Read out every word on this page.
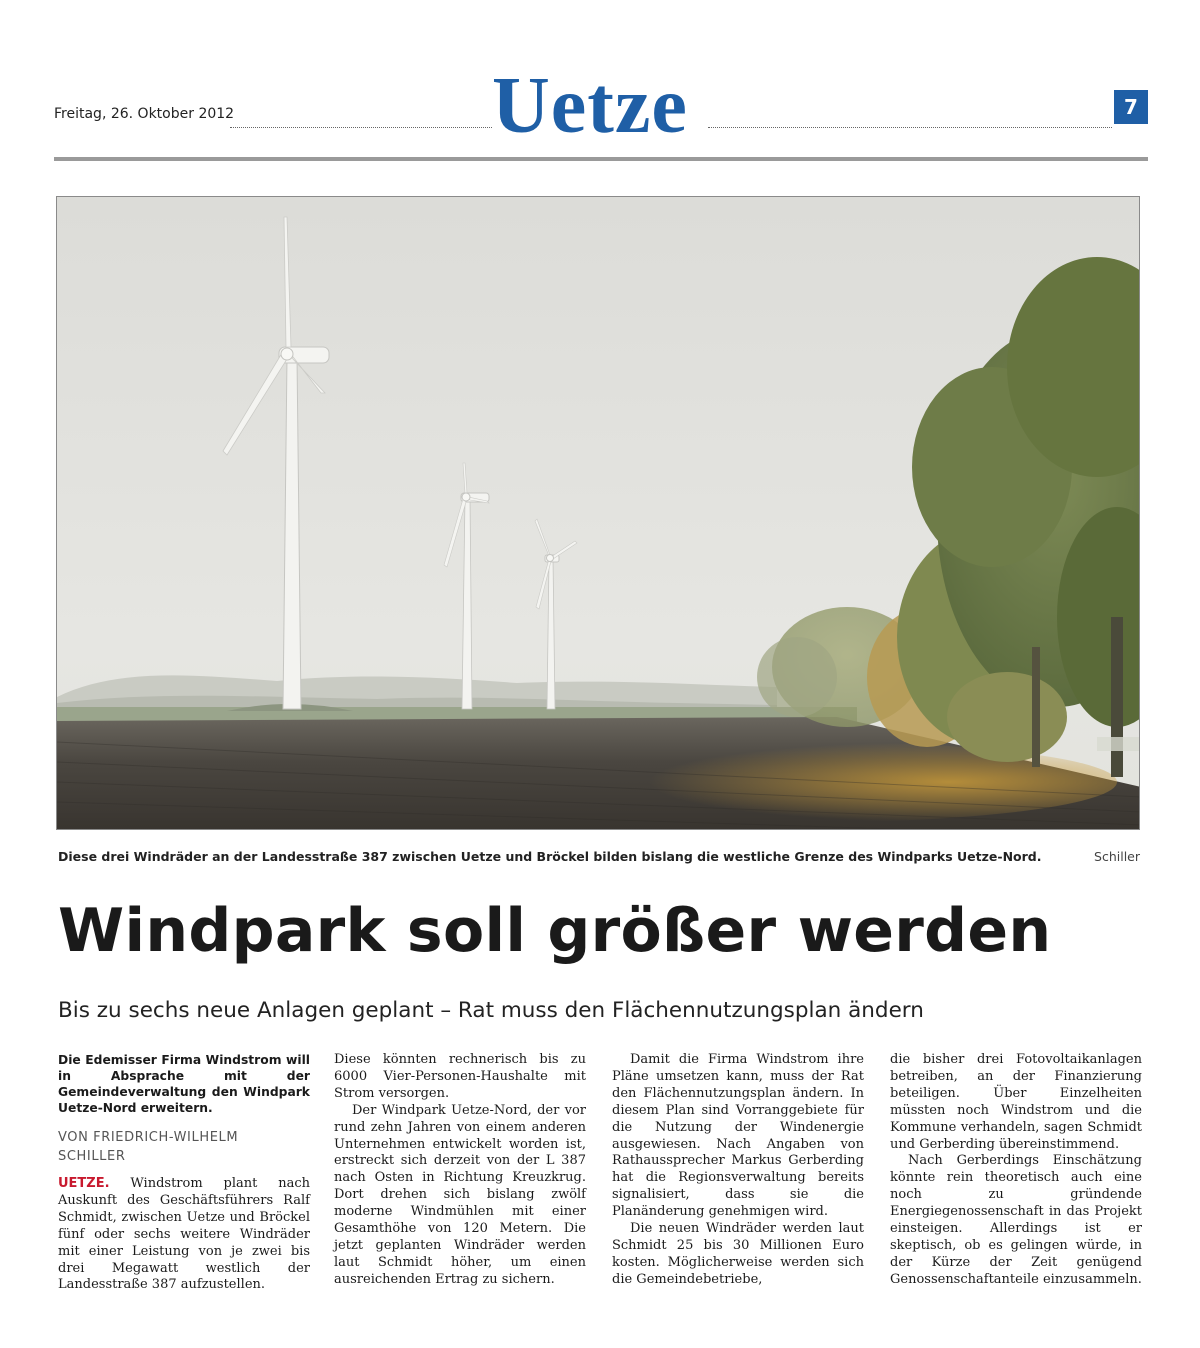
Freitag, 26. Oktober 2012	Uetze	7
Diese drei Windräder an der Landesstraße 387 zwischen Uetze und Bröckel bilden bislang die westliche Grenze des Windparks Uetze-Nord.	Schiller
Windpark soll größer werden
Bis zu sechs neue Anlagen geplant – Rat muss den Flächennutzungsplan ändern

Die Edemisser Firma Windstrom will in Absprache mit der Gemeindeverwaltung den Windpark Uetze-Nord erweitern.

VON FRIEDRICH-WILHELM SCHILLER

UETZE. Windstrom plant nach Auskunft des Geschäftsführers Ralf Schmidt, zwischen Uetze und Bröckel fünf oder sechs weitere Windräder mit einer Leistung von je zwei bis drei Megawatt westlich der Landesstraße 387 aufzustellen.

Diese könnten rechnerisch bis zu 6000 Vier-Personen-Haushalte mit Strom versorgen.

Der Windpark Uetze-Nord, der vor rund zehn Jahren von einem anderen Unternehmen entwickelt worden ist, erstreckt sich derzeit von der L 387 nach Osten in Richtung Kreuzkrug. Dort drehen sich bislang zwölf moderne Windmühlen mit einer Gesamthöhe von 120 Metern. Die jetzt geplanten Windräder werden laut Schmidt höher, um einen ausreichenden Ertrag zu sichern.

Damit die Firma Windstrom ihre Pläne umsetzen kann, muss der Rat den Flächennutzungsplan ändern. In diesem Plan sind Vorranggebiete für die Nutzung der Windenergie ausgewiesen. Nach Angaben von Rathaussprecher Markus Gerberding hat die Regionsverwaltung bereits signalisiert, dass sie die Planänderung genehmigen wird.

Die neuen Windräder werden laut Schmidt 25 bis 30 Millionen Euro kosten. Möglicherweise werden sich die Gemeindebetriebe,

die bisher drei Fotovoltaikanlagen betreiben, an der Finanzierung beteiligen. Über Einzelheiten müssten noch Windstrom und die Kommune verhandeln, sagen Schmidt und Gerberding übereinstimmend.

Nach Gerberdings Einschätzung könnte rein theoretisch auch eine noch zu gründende Energiegenossenschaft in das Projekt einsteigen. Allerdings ist er skeptisch, ob es gelingen würde, in der Kürze der Zeit genügend Genossenschaftanteile einzusammeln.
